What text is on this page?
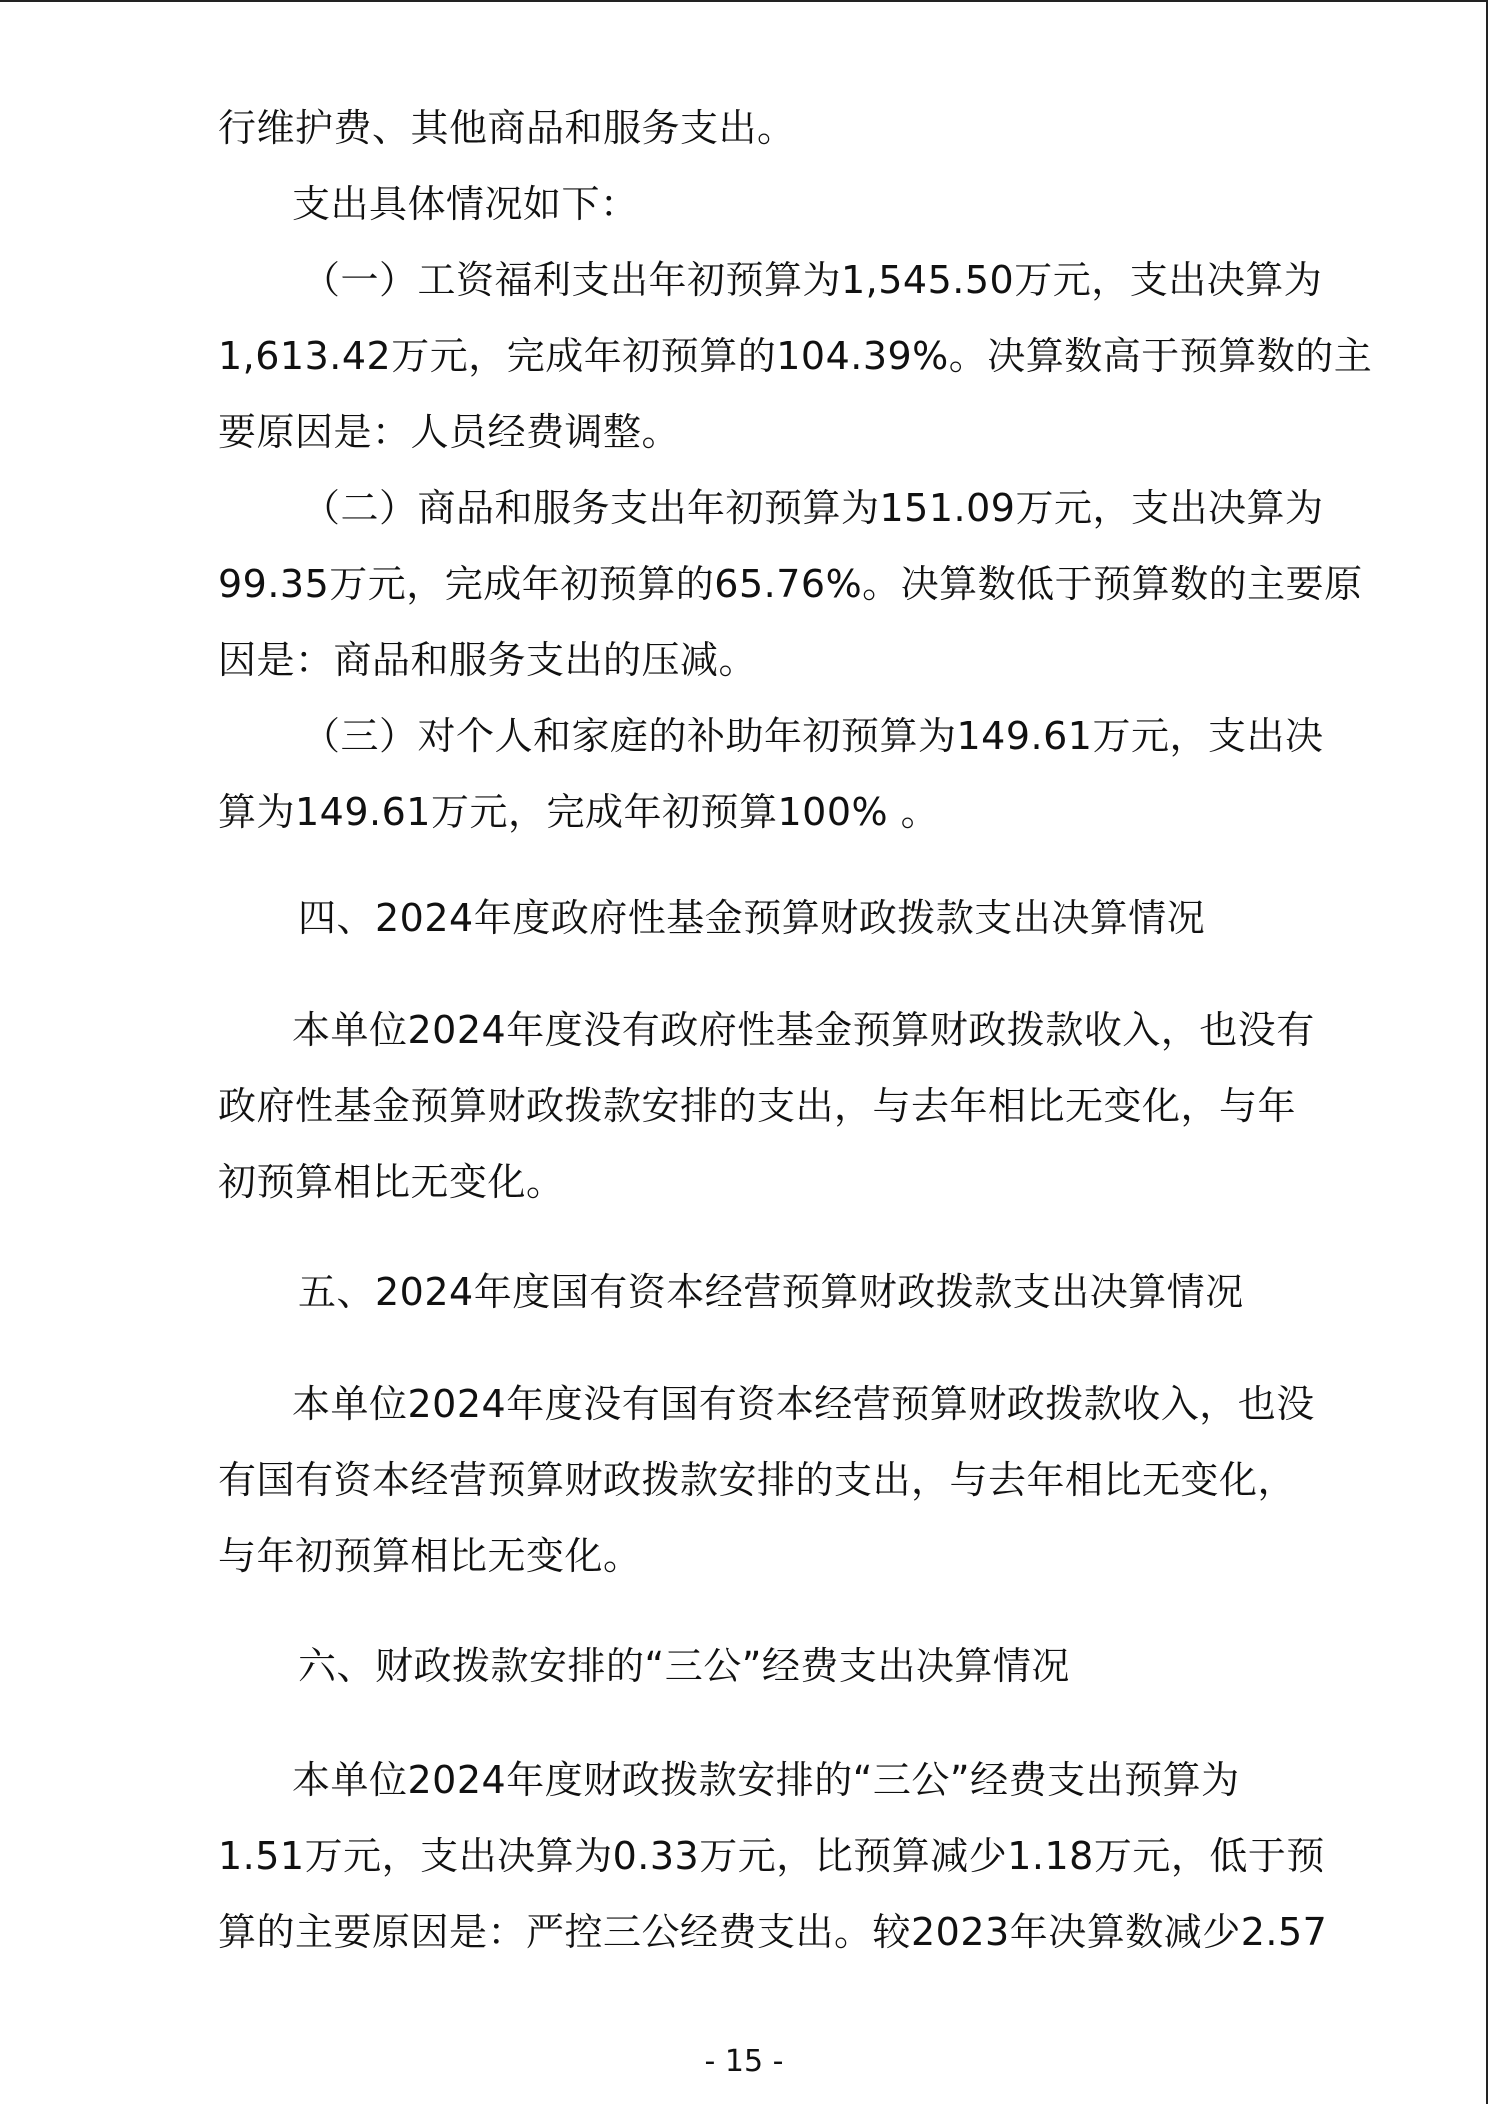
行维护费、其他商品和服务支出。
支出具体情况如下：
（一）工资福利支出年初预算为1,545.50万元，支出决算为
1,613.42万元，完成年初预算的104.39%。决算数高于预算数的主
要原因是：人员经费调整。
（二）商品和服务支出年初预算为151.09万元，支出决算为
99.35万元，完成年初预算的65.76%。决算数低于预算数的主要原
因是：商品和服务支出的压减。
（三）对个人和家庭的补助年初预算为149.61万元，支出决
算为149.61万元，完成年初预算100% 。
四、2024年度政府性基金预算财政拨款支出决算情况
本单位2024年度没有政府性基金预算财政拨款收入，也没有
政府性基金预算财政拨款安排的支出，与去年相比无变化，与年
初预算相比无变化。
五、2024年度国有资本经营预算财政拨款支出决算情况
本单位2024年度没有国有资本经营预算财政拨款收入，也没
有国有资本经营预算财政拨款安排的支出，与去年相比无变化，
与年初预算相比无变化。
六、财政拨款安排的“三公”经费支出决算情况
本单位2024年度财政拨款安排的“三公”经费支出预算为
1.51万元，支出决算为0.33万元，比预算减少1.18万元，低于预
算的主要原因是：严控三公经费支出。较2023年决算数减少2.57
- 15 -
